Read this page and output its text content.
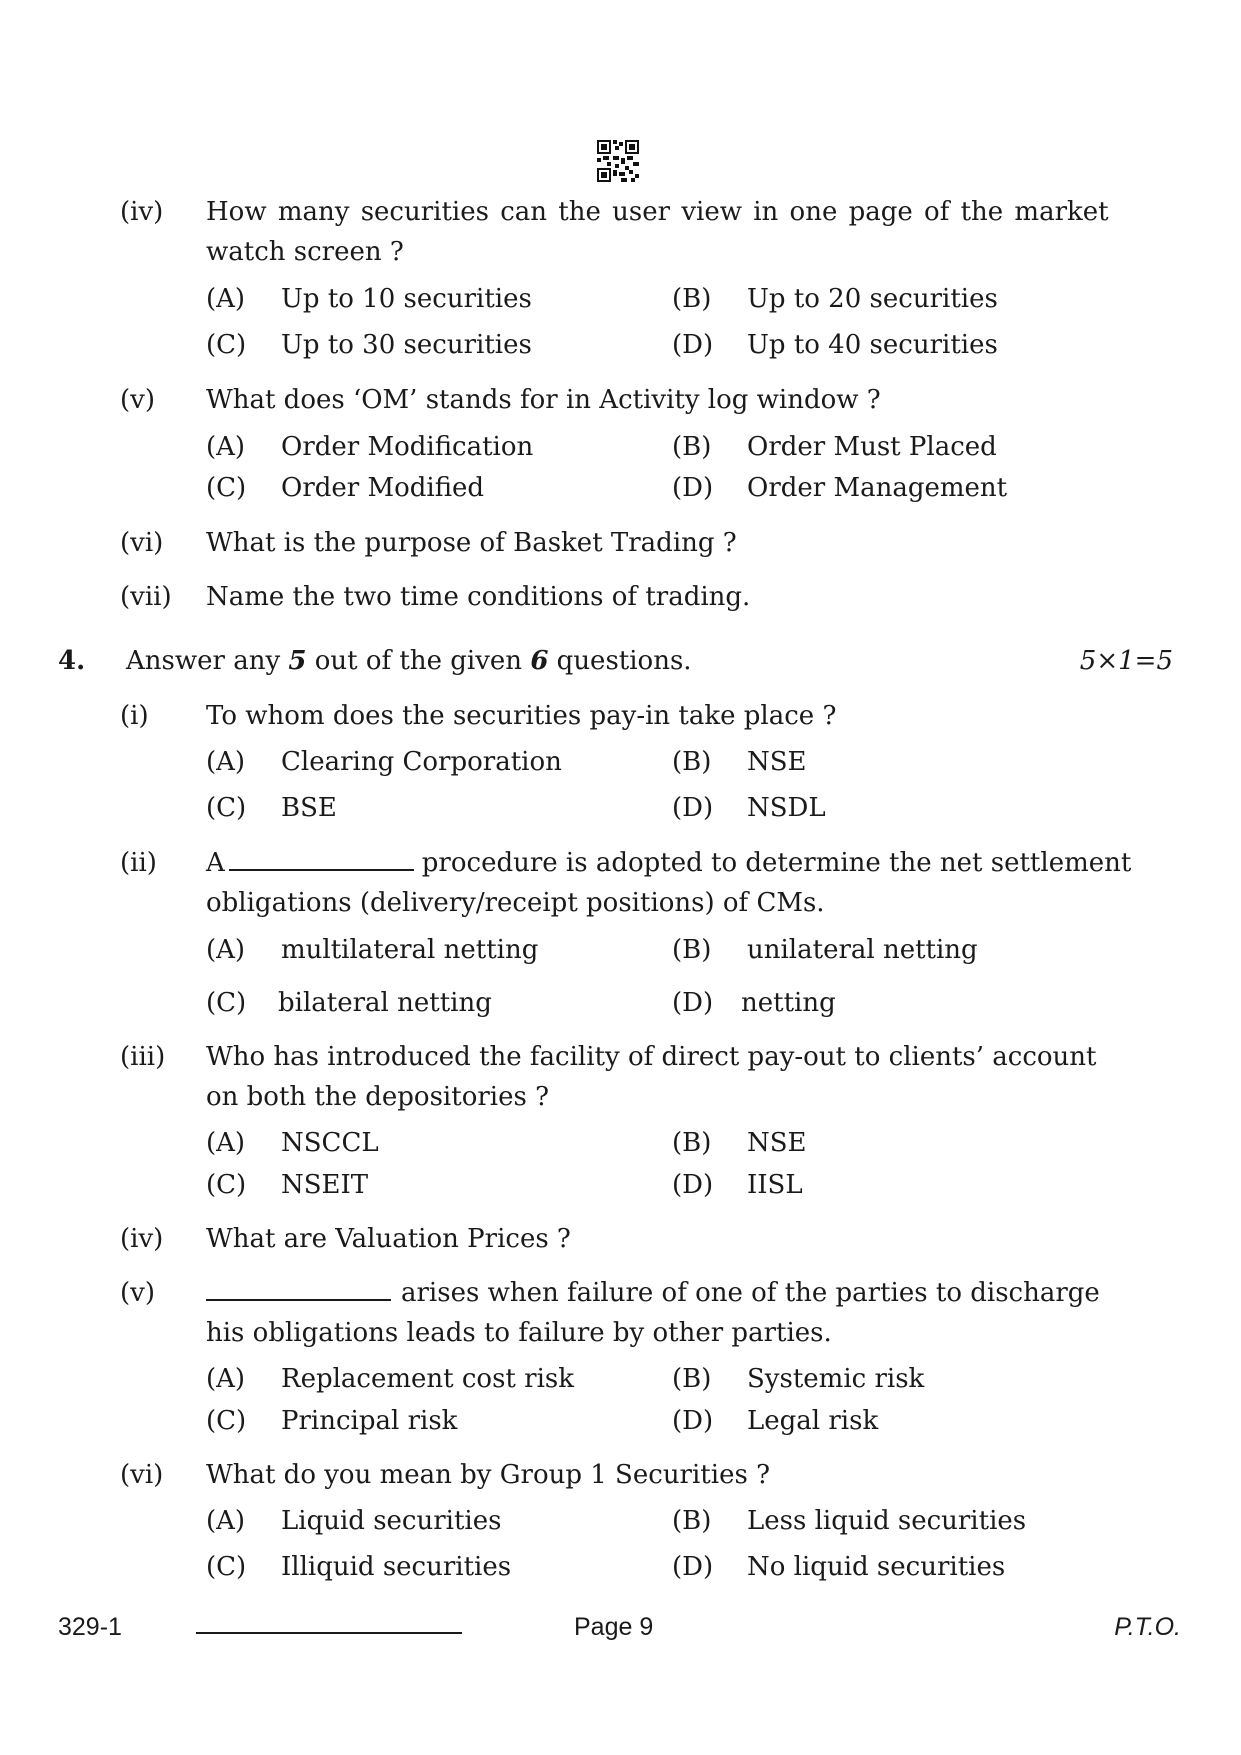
(iv) How many securities can the user view in one page of the market
watch screen ?
(A) Up to 10 securities	(B) Up to 20 securities
(C) Up to 30 securities	(D) Up to 40 securities
(v) What does ‘OM’ stands for in Activity log window ?
(A) Order Modification	(B) Order Must Placed
(C) Order Modified	(D) Order Management
(vi) What is the purpose of Basket Trading ?
(vii) Name the two time conditions of trading.
4. Answer any 5 out of the given 6 questions.	5×1=5
(i) To whom does the securities pay-in take place ?
(A) Clearing Corporation	(B) NSE
(C) BSE	(D) NSDL
(ii) A	procedure is adopted to determine the net settlement
obligations (delivery/receipt positions) of CMs.
(A) multilateral netting	(B) unilateral netting
(C) bilateral netting	(D) netting
(iii) Who has introduced the facility of direct pay-out to clients’ account
on both the depositories ?
(A) NSCCL	(B) NSE
(C) NSEIT	(D) IISL
(iv) What are Valuation Prices ?
(v)	arises when failure of one of the parties to discharge
his obligations leads to failure by other parties.
(A) Replacement cost risk	(B) Systemic risk
(C) Principal risk	(D) Legal risk
(vi) What do you mean by Group 1 Securities ?
(A) Liquid securities	(B) Less liquid securities
(C) Illiquid securities	(D) No liquid securities
329-1	Page 9	P.T.O.
